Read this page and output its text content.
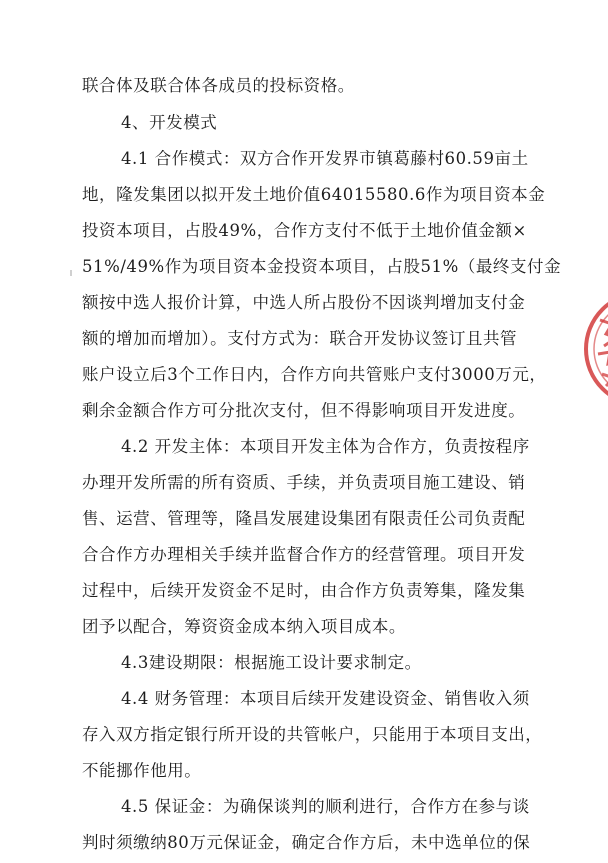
联合体及联合体各成员的投标资格。
4、开发模式
4.1 合作模式：双方合作开发界市镇葛藤村60.59亩土
地，隆发集团以拟开发土地价值64015580.6作为项目资本金
投资本项目，占股49%，合作方支付不低于土地价值金额×
51%/49%作为项目资本金投资本项目，占股51%（最终支付金
额按中选人报价计算，中选人所占股份不因谈判增加支付金
额的增加而增加）。支付方式为：联合开发协议签订且共管
账户设立后3个工作日内，合作方向共管账户支付3000万元，
剩余金额合作方可分批次支付，但不得影响项目开发进度。
4.2 开发主体：本项目开发主体为合作方，负责按程序
办理开发所需的所有资质、手续，并负责项目施工建设、销
售、运营、管理等，隆昌发展建设集团有限责任公司负责配
合合作方办理相关手续并监督合作方的经营管理。项目开发
过程中，后续开发资金不足时，由合作方负责筹集，隆发集
团予以配合，筹资资金成本纳入项目成本。
4.3建设期限：根据施工设计要求制定。
4.4 财务管理：本项目后续开发建设资金、销售收入须
存入双方指定银行所开设的共管帐户，只能用于本项目支出，
不能挪作他用。
4.5 保证金：为确保谈判的顺利进行，合作方在参与谈
判时须缴纳80万元保证金，确定合作方后，未中选单位的保
